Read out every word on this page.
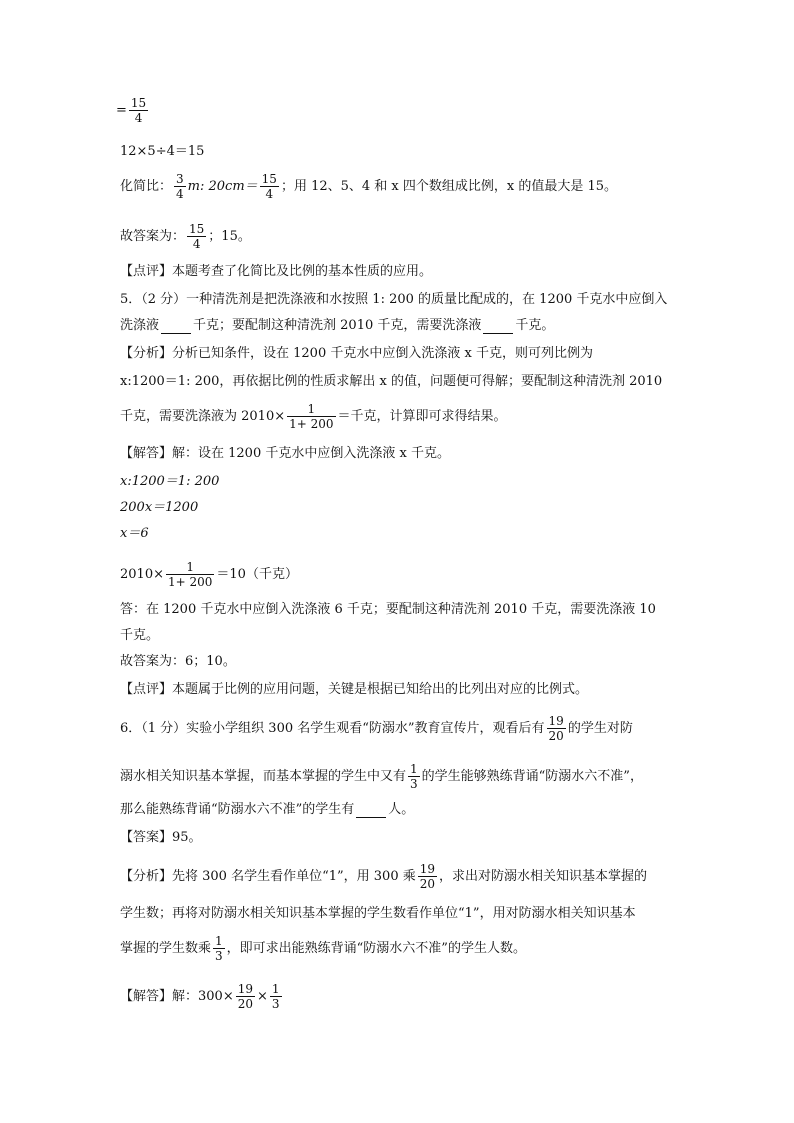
= $\frac{15}{4}$
12×5÷4＝15
化简比： $\frac{3}{4} m$: $20cm= \frac{15}{4}$ ；用 12、5、4 和 x 四个数组成比例，x 的值最大是 15。
故答案为： $\frac{15}{4}$ ；15。
【点评】本题考查了化简比及比例的基本性质的应用。
5．（2 分）一种清洗剂是把洗涤液和水按照 1: 200 的质量比配成的，在 1200 千克水中应倒入
洗涤液	千克；要配制这种清洗剂 2010 千克，需要洗涤液	千克。
【分析】分析已知条件，设在 1200 千克水中应倒入洗涤液 x 千克，则可列比例为
x:1200＝1: 200，再依据比例的性质求解出 x 的值，问题便可得解；要配制这种清洗剂 2010
千克，需要洗涤液为 $2010\times \frac{1}{1+ 200}$ ＝千克，计算即可求得结果。
【解答】解：设在 1200 千克水中应倒入洗涤液 x 千克。
x:1200＝1: 200
200x＝1200
x＝6
$2010\times \frac{1}{1+ 200} =10$（千克）
答：在 1200 千克水中应倒入洗涤液 6 千克；要配制这种清洗剂 2010 千克，需要洗涤液 10
千克。
故答案为：6；10。
【点评】本题属于比例的应用问题，关键是根据已知给出的比列出对应的比例式。
6．（1 分）实验小学组织 300 名学生观看“防溺水”教育宣传片，观看后有 $\frac{19}{20}$ 的学生对防
溺水相关知识基本掌握，而基本掌握的学生中又有 $\frac{1}{3}$ 的学生能够熟练背诵“防溺水六不准”，
那么能熟练背诵“防溺水六不准”的学生有	人。
【答案】95。
【分析】先将 300 名学生看作单位“1”，用 300 乘 $\frac{19}{20}$ ，求出对防溺水相关知识基本掌握的
学生数；再将对防溺水相关知识基本掌握的学生数看作单位“1”，用对防溺水相关知识基本
掌握的学生数乘 $\frac{1}{3}$ ，即可求出能熟练背诵“防溺水六不准”的学生人数。
【解答】解：$300\times \frac{19}{20} \times \frac{1}{3}$
